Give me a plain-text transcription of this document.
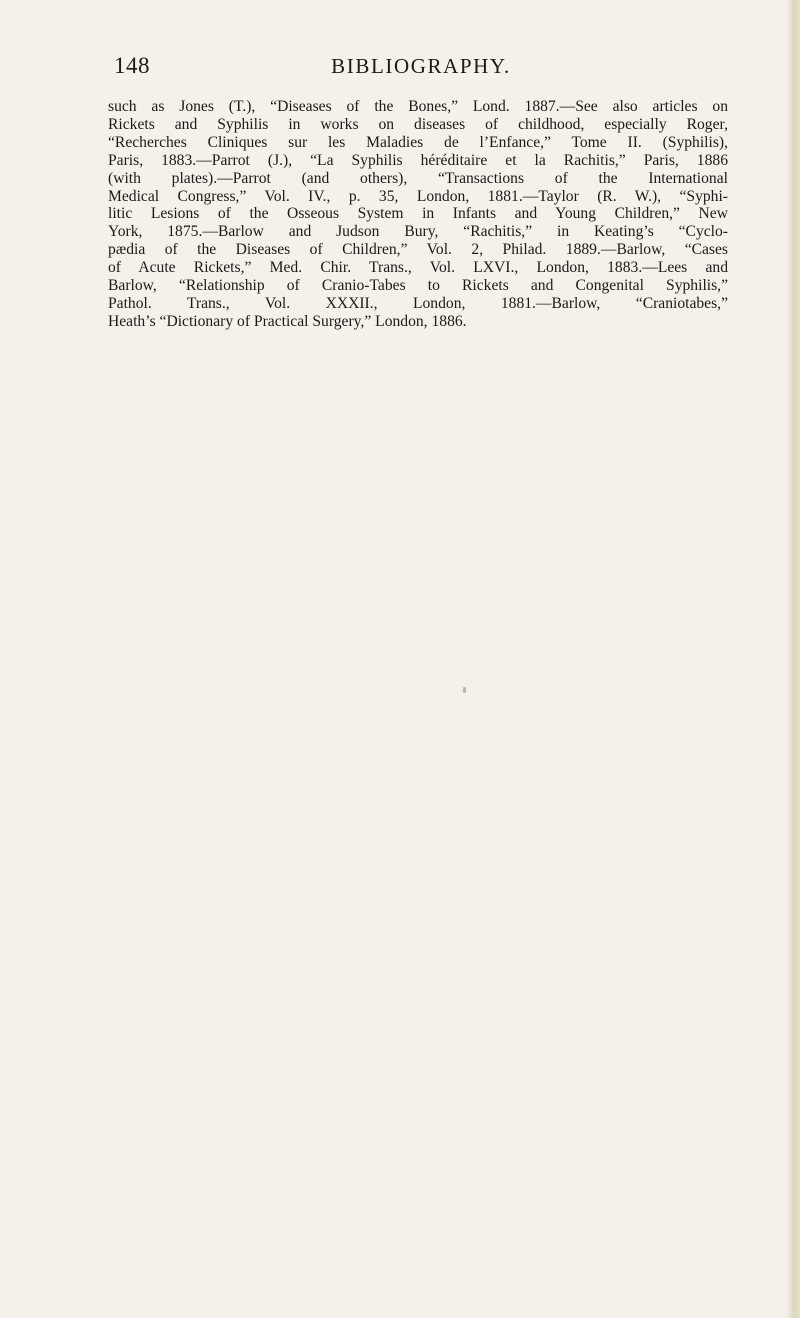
148	BIBLIOGRAPHY.

such as Jones (T.), “Diseases of the Bones,” Lond. 1887.—See also articles on
Rickets and Syphilis in works on diseases of childhood, especially Roger,
“Recherches Cliniques sur les Maladies de l’Enfance,” Tome II. (Syphilis),
Paris, 1883.—Parrot (J.), “La Syphilis héréditaire et la Rachitis,” Paris, 1886
(with plates).—Parrot (and others), “Transactions of the International
Medical Congress,” Vol. IV., p. 35, London, 1881.—Taylor (R. W.), “Syphi-
litic Lesions of the Osseous System in Infants and Young Children,” New
York, 1875.—Barlow and Judson Bury, “Rachitis,” in Keating’s “Cyclo-
pædia of the Diseases of Children,” Vol. 2, Philad. 1889.—Barlow, “Cases
of Acute Rickets,” Med. Chir. Trans., Vol. LXVI., London, 1883.—Lees and
Barlow, “Relationship of Cranio-Tabes to Rickets and Congenital Syphilis,”
Pathol. Trans., Vol. XXXII., London, 1881.—Barlow, “Craniotabes,”
Heath’s “Dictionary of Practical Surgery,” London, 1886.
